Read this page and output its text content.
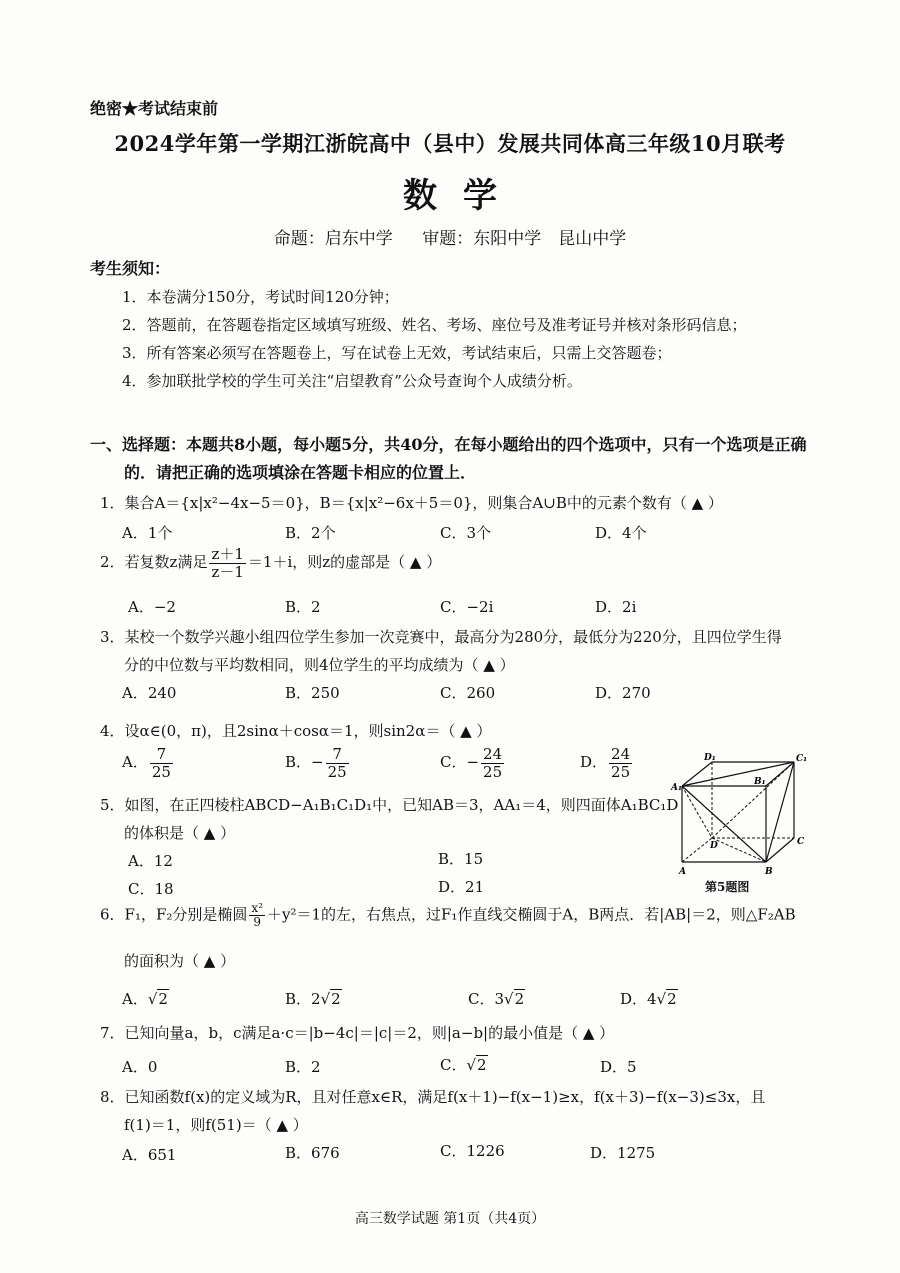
绝密★考试结束前
2024学年第一学期江浙皖高中（县中）发展共同体高三年级10月联考
数学
命题：启东中学 审题：东阳中学　昆山中学
考生须知：
1．本卷满分150分，考试时间120分钟；
2．答题前，在答题卷指定区域填写班级、姓名、考场、座位号及准考证号并核对条形码信息；
3．所有答案必须写在答题卷上，写在试卷上无效，考试结束后，只需上交答题卷；
4．参加联批学校的学生可关注“启望教育”公众号查询个人成绩分析。
一、选择题：本题共8小题，每小题5分，共40分，在每小题给出的四个选项中，只有一个选项是正确
的．请把正确的选项填涂在答题卡相应的位置上．
1．集合A＝{x|x²−4x−5＝0}，B＝{x|x²−6x＋5＝0}，则集合A∪B中的元素个数有（ ▲ ）
A．1个	B．2个	C．3个	D．4个
2．若复数z满足 $\frac{z+1}{z-1} =1+i$，则z的虚部是（ ▲ ）
A．−2	B．2	C．−2i	D．2i
3．某校一个数学兴趣小组四位学生参加一次竞赛中，最高分为280分，最低分为220分，且四位学生得
分的中位数与平均数相同，则4位学生的平均成绩为（ ▲ ）
A．240	B．250	C．260	D．270
4．设α∈(0，π)，且2sinα＋cosα＝1，则sin2α＝（ ▲ ）
A． $\frac{7}{25}$	B．− $\frac{7}{25}$	C．− $\frac{24}{25}$	D． $\frac{24}{25}$
5．如图，在正四棱柱ABCD−A₁B₁C₁D₁中，已知AB＝3，AA₁＝4，则四面体A₁BC₁D
的体积是（ ▲ ）
A．12	B．15
C．18	D．21
D₁	C₁
A₁
B₁
D	C
A	B
第5题图
6．F₁，F₂分别是椭圆 $\frac{\text{x²}}{9} +y^2=1$的左，右焦点，过F₁作直线交椭圆于A，B两点．若|AB|＝2，则△F₂AB
的面积为（ ▲ ）
A．√2	B．2√2	C．3√2	D．4√2
7．已知向量a，b，c满足a·c＝|b−4c|＝|c|＝2，则|a−b|的最小值是（ ▲ ）
A．0	B．2	C．√2	D．5
8．已知函数f(x)的定义域为R，且对任意x∈R，满足f(x＋1)−f(x−1)≥x，f(x＋3)−f(x−3)≤3x，且
f(1)＝1，则f(51)＝（ ▲ ）
A．651	B．676	C．1226	D．1275
高三数学试题 第1页（共4页）
